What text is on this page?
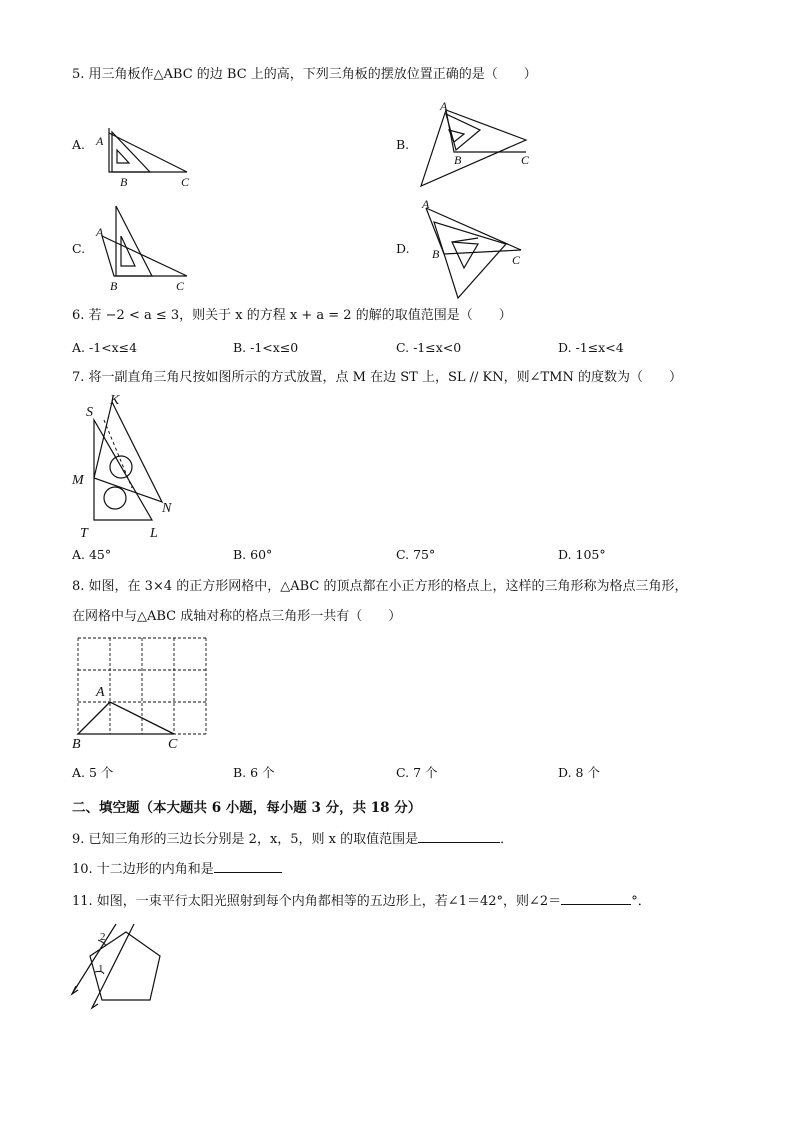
5. 用三角板作△ABC 的边 BC 上的高，下列三角板的摆放位置正确的是（　　）
A. A
B	C
B.
A
B	C
C.
A
B	C
D.
A
B	C
6. 若 −2 < a ≤ 3，则关于 x 的方程 x + a = 2 的解的取值范围是（　　）
A. -1<x≤4	B. -1<x≤0	C. -1≤x<0	D. -1≤x<4
7. 将一副直角三角尺按如图所示的方式放置，点 M 在边 ST 上，SL // KN，则∠TMN 的度数为（　　）
S
K
M
N
T	L
A. 45°	B. 60°	C. 75°	D. 105°
8. 如图，在 3×4 的正方形网格中，△ABC 的顶点都在小正方形的格点上，这样的三角形称为格点三角形，
在网格中与△ABC 成轴对称的格点三角形一共有（　　）
A
B	C
A. 5 个	B. 6 个	C. 7 个	D. 8 个
二、填空题（本大题共 6 小题，每小题 3 分，共 18 分）
9. 已知三角形的三边长分别是 2，x，5，则 x 的取值范围是	．
10. 十二边形的内角和是
11. 如图，一束平行太阳光照射到每个内角都相等的五边形上，若∠1＝42°，则∠2＝	°．
2
1
